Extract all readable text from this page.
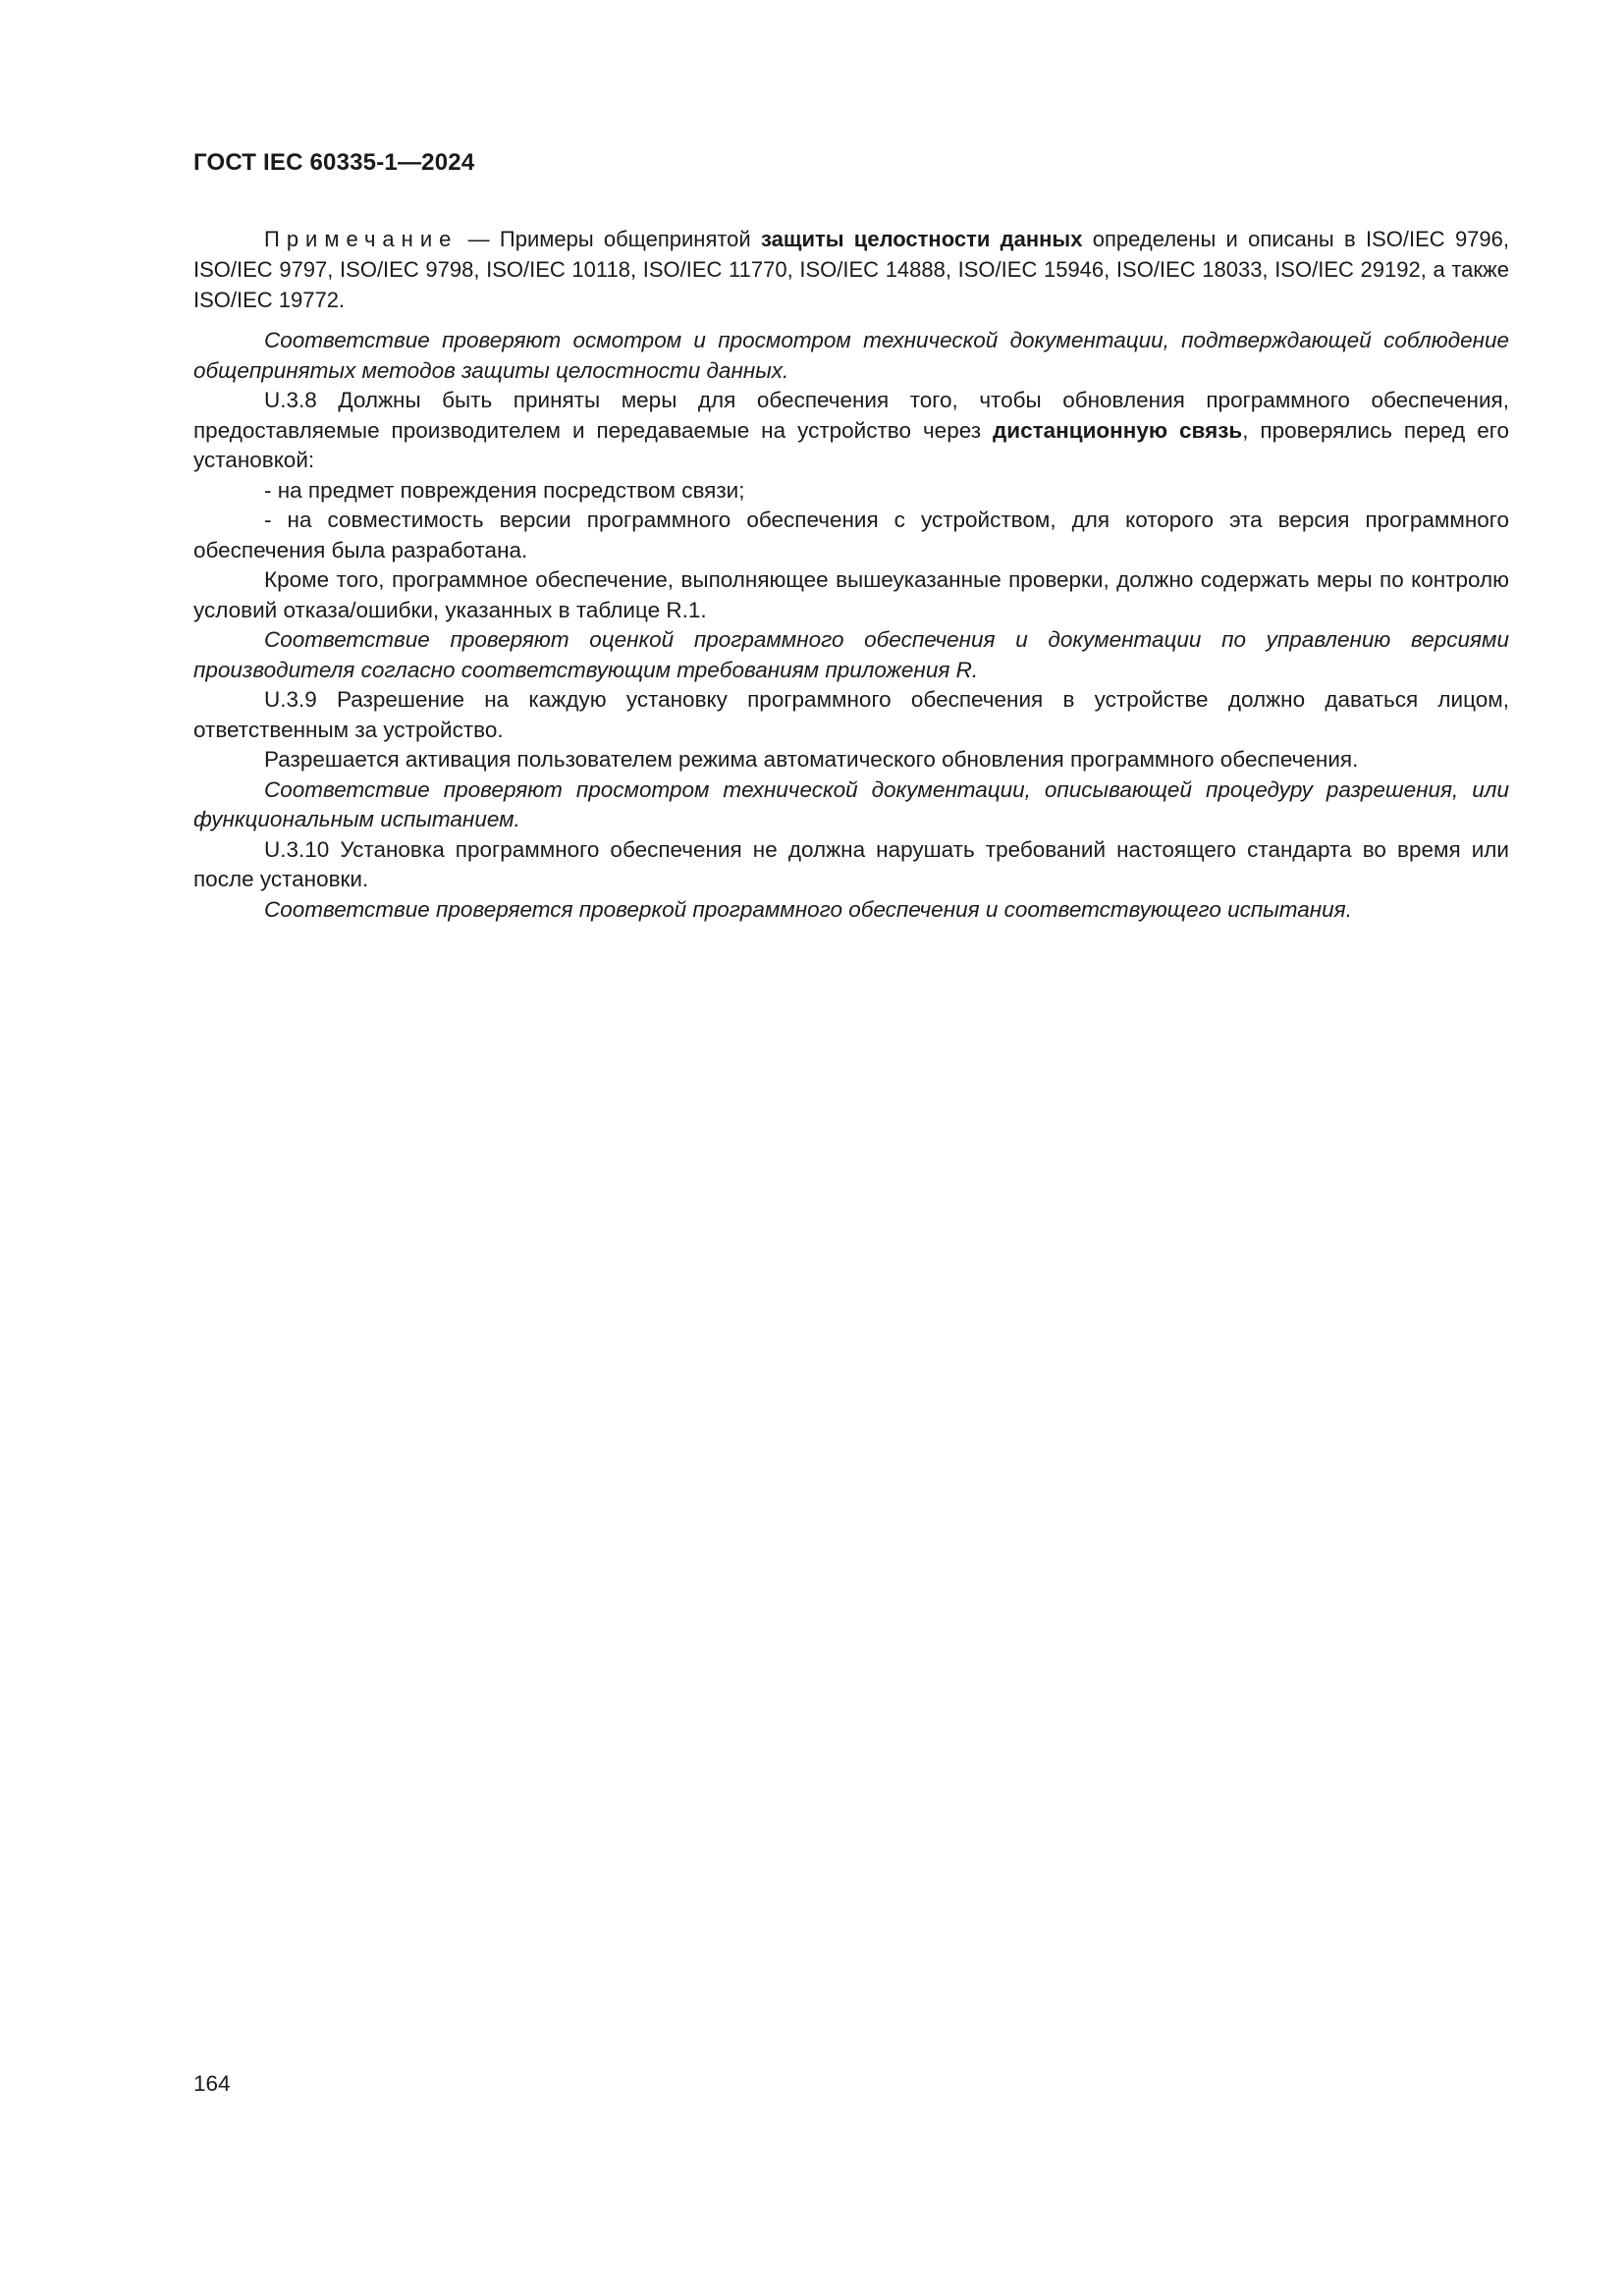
ГОСТ IEC 60335-1—2024

Примечание — Примеры общепринятой защиты целостности данных определены и описаны в ISO/IEC 9796, ISO/IEC 9797, ISO/IEC 9798, ISO/IEC 10118, ISO/IEC 11770, ISO/IEC 14888, ISO/IEC 15946, ISO/IEC 18033, ISO/IEC 29192, а также ISO/IEC 19772.

Соответствие проверяют осмотром и просмотром технической документации, подтверждающей соблюдение общепринятых методов защиты целостности данных.

U.3.8 Должны быть приняты меры для обеспечения того, чтобы обновления программного обеспечения, предоставляемые производителем и передаваемые на устройство через дистанционную связь, проверялись перед его установкой:

- на предмет повреждения посредством связи;

- на совместимость версии программного обеспечения с устройством, для которого эта версия программного обеспечения была разработана.

Кроме того, программное обеспечение, выполняющее вышеуказанные проверки, должно содержать меры по контролю условий отказа/ошибки, указанных в таблице R.1.

Соответствие проверяют оценкой программного обеспечения и документации по управлению версиями производителя согласно соответствующим требованиям приложения R.

U.3.9 Разрешение на каждую установку программного обеспечения в устройстве должно даваться лицом, ответственным за устройство.

Разрешается активация пользователем режима автоматического обновления программного обеспечения.

Соответствие проверяют просмотром технической документации, описывающей процедуру разрешения, или функциональным испытанием.

U.3.10 Установка программного обеспечения не должна нарушать требований настоящего стандарта во время или после установки.

Соответствие проверяется проверкой программного обеспечения и соответствующего испытания.

164
